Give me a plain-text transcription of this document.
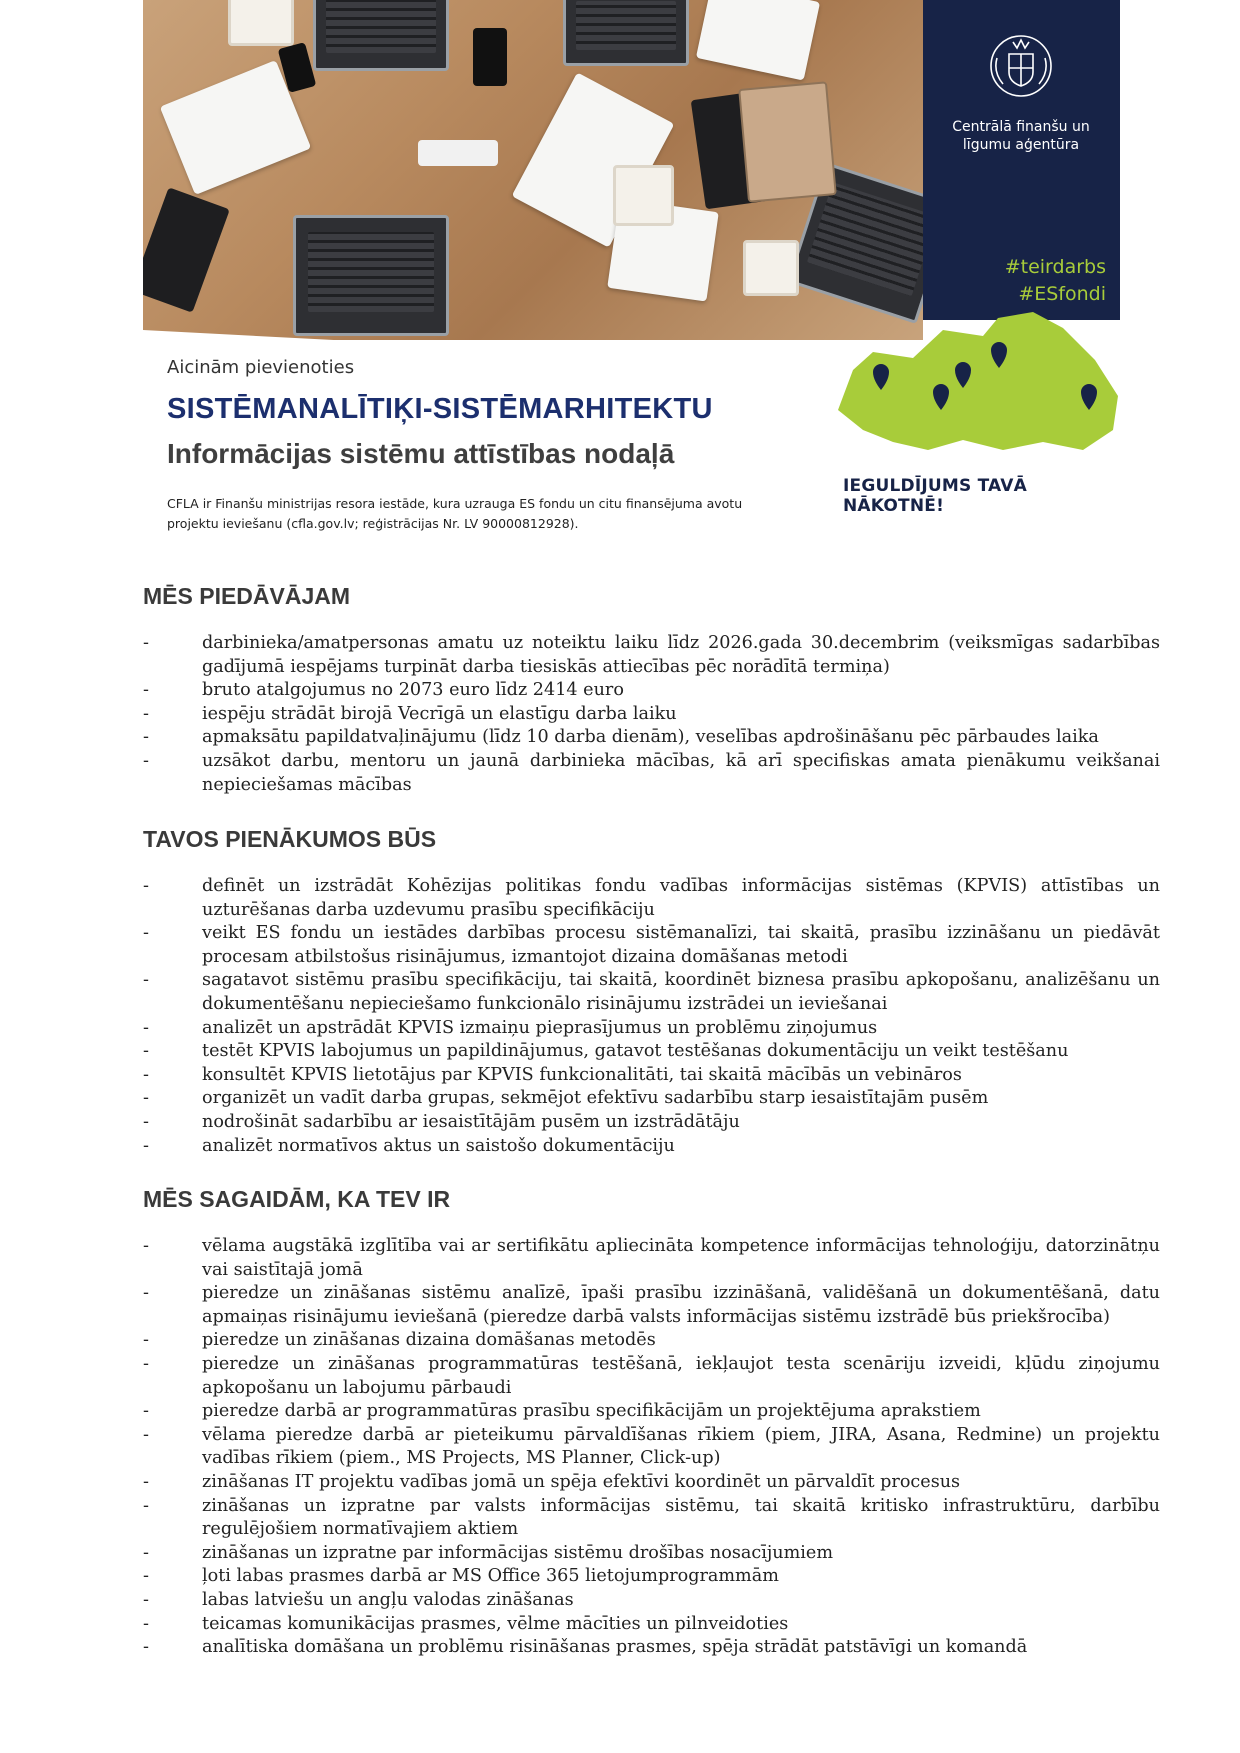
Centrālā finanšu un līgumu aģentūra
#teirdarbs
#ESfondi
IEGULDĪJUMS TAVĀ NĀKOTNĒ!
Aicinām pievienoties
SISTĒMANALĪTIĶI-SISTĒMARHITEKTU
Informācijas sistēmu attīstības nodaļā
CFLA ir Finanšu ministrijas resora iestāde, kura uzrauga ES fondu un citu finansējuma avotu projektu ieviešanu (cfla.gov.lv; reģistrācijas Nr. LV 90000812928).
MĒS PIEDĀVĀJAM
-	darbinieka/amatpersonas amatu uz noteiktu laiku līdz 2026.gada 30.decembrim (veiksmīgas sadarbības gadījumā iespējams turpināt darba tiesiskās attiecības pēc norādītā termiņa)
-	bruto atalgojumus no 2073 euro līdz 2414 euro
-	iespēju strādāt birojā Vecrīgā un elastīgu darba laiku
-	apmaksātu papildatvaļinājumu (līdz 10 darba dienām), veselības apdrošināšanu pēc pārbaudes laika
-	uzsākot darbu, mentoru un jaunā darbinieka mācības, kā arī specifiskas amata pienākumu veikšanai nepieciešamas mācības
TAVOS PIENĀKUMOS BŪS
-	definēt un izstrādāt Kohēzijas politikas fondu vadības informācijas sistēmas (KPVIS) attīstības un uzturēšanas darba uzdevumu prasību specifikāciju
-	veikt ES fondu un iestādes darbības procesu sistēmanalīzi, tai skaitā, prasību izzināšanu un piedāvāt procesam atbilstošus risinājumus, izmantojot dizaina domāšanas metodi
-	sagatavot sistēmu prasību specifikāciju, tai skaitā, koordinēt biznesa prasību apkopošanu, analizēšanu un dokumentēšanu nepieciešamo funkcionālo risinājumu izstrādei un ieviešanai
-	analizēt un apstrādāt KPVIS izmaiņu pieprasījumus un problēmu ziņojumus
-	testēt KPVIS labojumus un papildinājumus, gatavot testēšanas dokumentāciju un veikt testēšanu
-	konsultēt KPVIS lietotājus par KPVIS funkcionalitāti, tai skaitā mācībās un vebināros
-	organizēt un vadīt darba grupas, sekmējot efektīvu sadarbību starp iesaistītajām pusēm
-	nodrošināt sadarbību ar iesaistītājām pusēm un izstrādātāju
-	analizēt normatīvos aktus un saistošo dokumentāciju
MĒS SAGAIDĀM, KA TEV IR
-	vēlama augstākā izglītība vai ar sertifikātu apliecināta kompetence informācijas tehnoloģiju, datorzinātņu vai saistītajā jomā
-	pieredze un zināšanas sistēmu analīzē, īpaši prasību izzināšanā, validēšanā un dokumentēšanā, datu apmaiņas risinājumu ieviešanā (pieredze darbā valsts informācijas sistēmu izstrādē būs priekšrocība)
-	pieredze un zināšanas dizaina domāšanas metodēs
-	pieredze un zināšanas programmatūras testēšanā, iekļaujot testa scenāriju izveidi, kļūdu ziņojumu apkopošanu un labojumu pārbaudi
-	pieredze darbā ar programmatūras prasību specifikācijām un projektējuma aprakstiem
-	vēlama pieredze darbā ar pieteikumu pārvaldīšanas rīkiem (piem, JIRA, Asana, Redmine) un projektu vadības rīkiem (piem., MS Projects, MS Planner, Click-up)
-	zināšanas IT projektu vadības jomā un spēja efektīvi koordinēt un pārvaldīt procesus
-	zināšanas un izpratne par valsts informācijas sistēmu, tai skaitā kritisko infrastruktūru, darbību regulējošiem normatīvajiem aktiem
-	zināšanas un izpratne par informācijas sistēmu drošības nosacījumiem
-	ļoti labas prasmes darbā ar MS Office 365 lietojumprogrammām
-	labas latviešu un angļu valodas zināšanas
-	teicamas komunikācijas prasmes, vēlme mācīties un pilnveidoties
-	analītiska domāšana un problēmu risināšanas prasmes, spēja strādāt patstāvīgi un komandā
